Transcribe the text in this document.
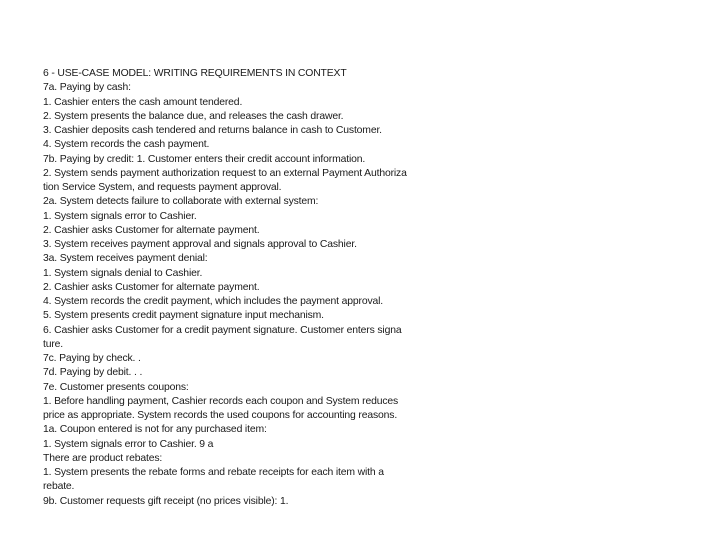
6 - USE-CASE MODEL: WRITING REQUIREMENTS IN CONTEXT
7a. Paying by cash:
1. Cashier enters the cash amount tendered.
2. System presents the balance due, and releases the cash drawer.
3. Cashier deposits cash tendered and returns balance in cash to Customer.
4. System records the cash payment.
7b. Paying by credit: 1. Customer enters their credit account information.
2. System sends payment authorization request to an external Payment Authoriza
tion Service System, and requests payment approval.
2a. System detects failure to collaborate with external system:
1. System signals error to Cashier.
2. Cashier asks Customer for alternate payment.
3. System receives payment approval and signals approval to Cashier.
3a. System receives payment denial:
1. System signals denial to Cashier.
2. Cashier asks Customer for alternate payment.
4. System records the credit payment, which includes the payment approval.
5. System presents credit payment signature input mechanism.
6. Cashier asks Customer for a credit payment signature. Customer enters signa
ture.
7c. Paying by check. .
7d. Paying by debit. . .
7e. Customer presents coupons:
1. Before handling payment, Cashier records each coupon and System reduces
price as appropriate. System records the used coupons for accounting reasons.
1a. Coupon entered is not for any purchased item:
1. System signals error to Cashier. 9 a
There are product rebates:
1. System presents the rebate forms and rebate receipts for each item with a
rebate.
9b. Customer requests gift receipt (no prices visible): 1.
